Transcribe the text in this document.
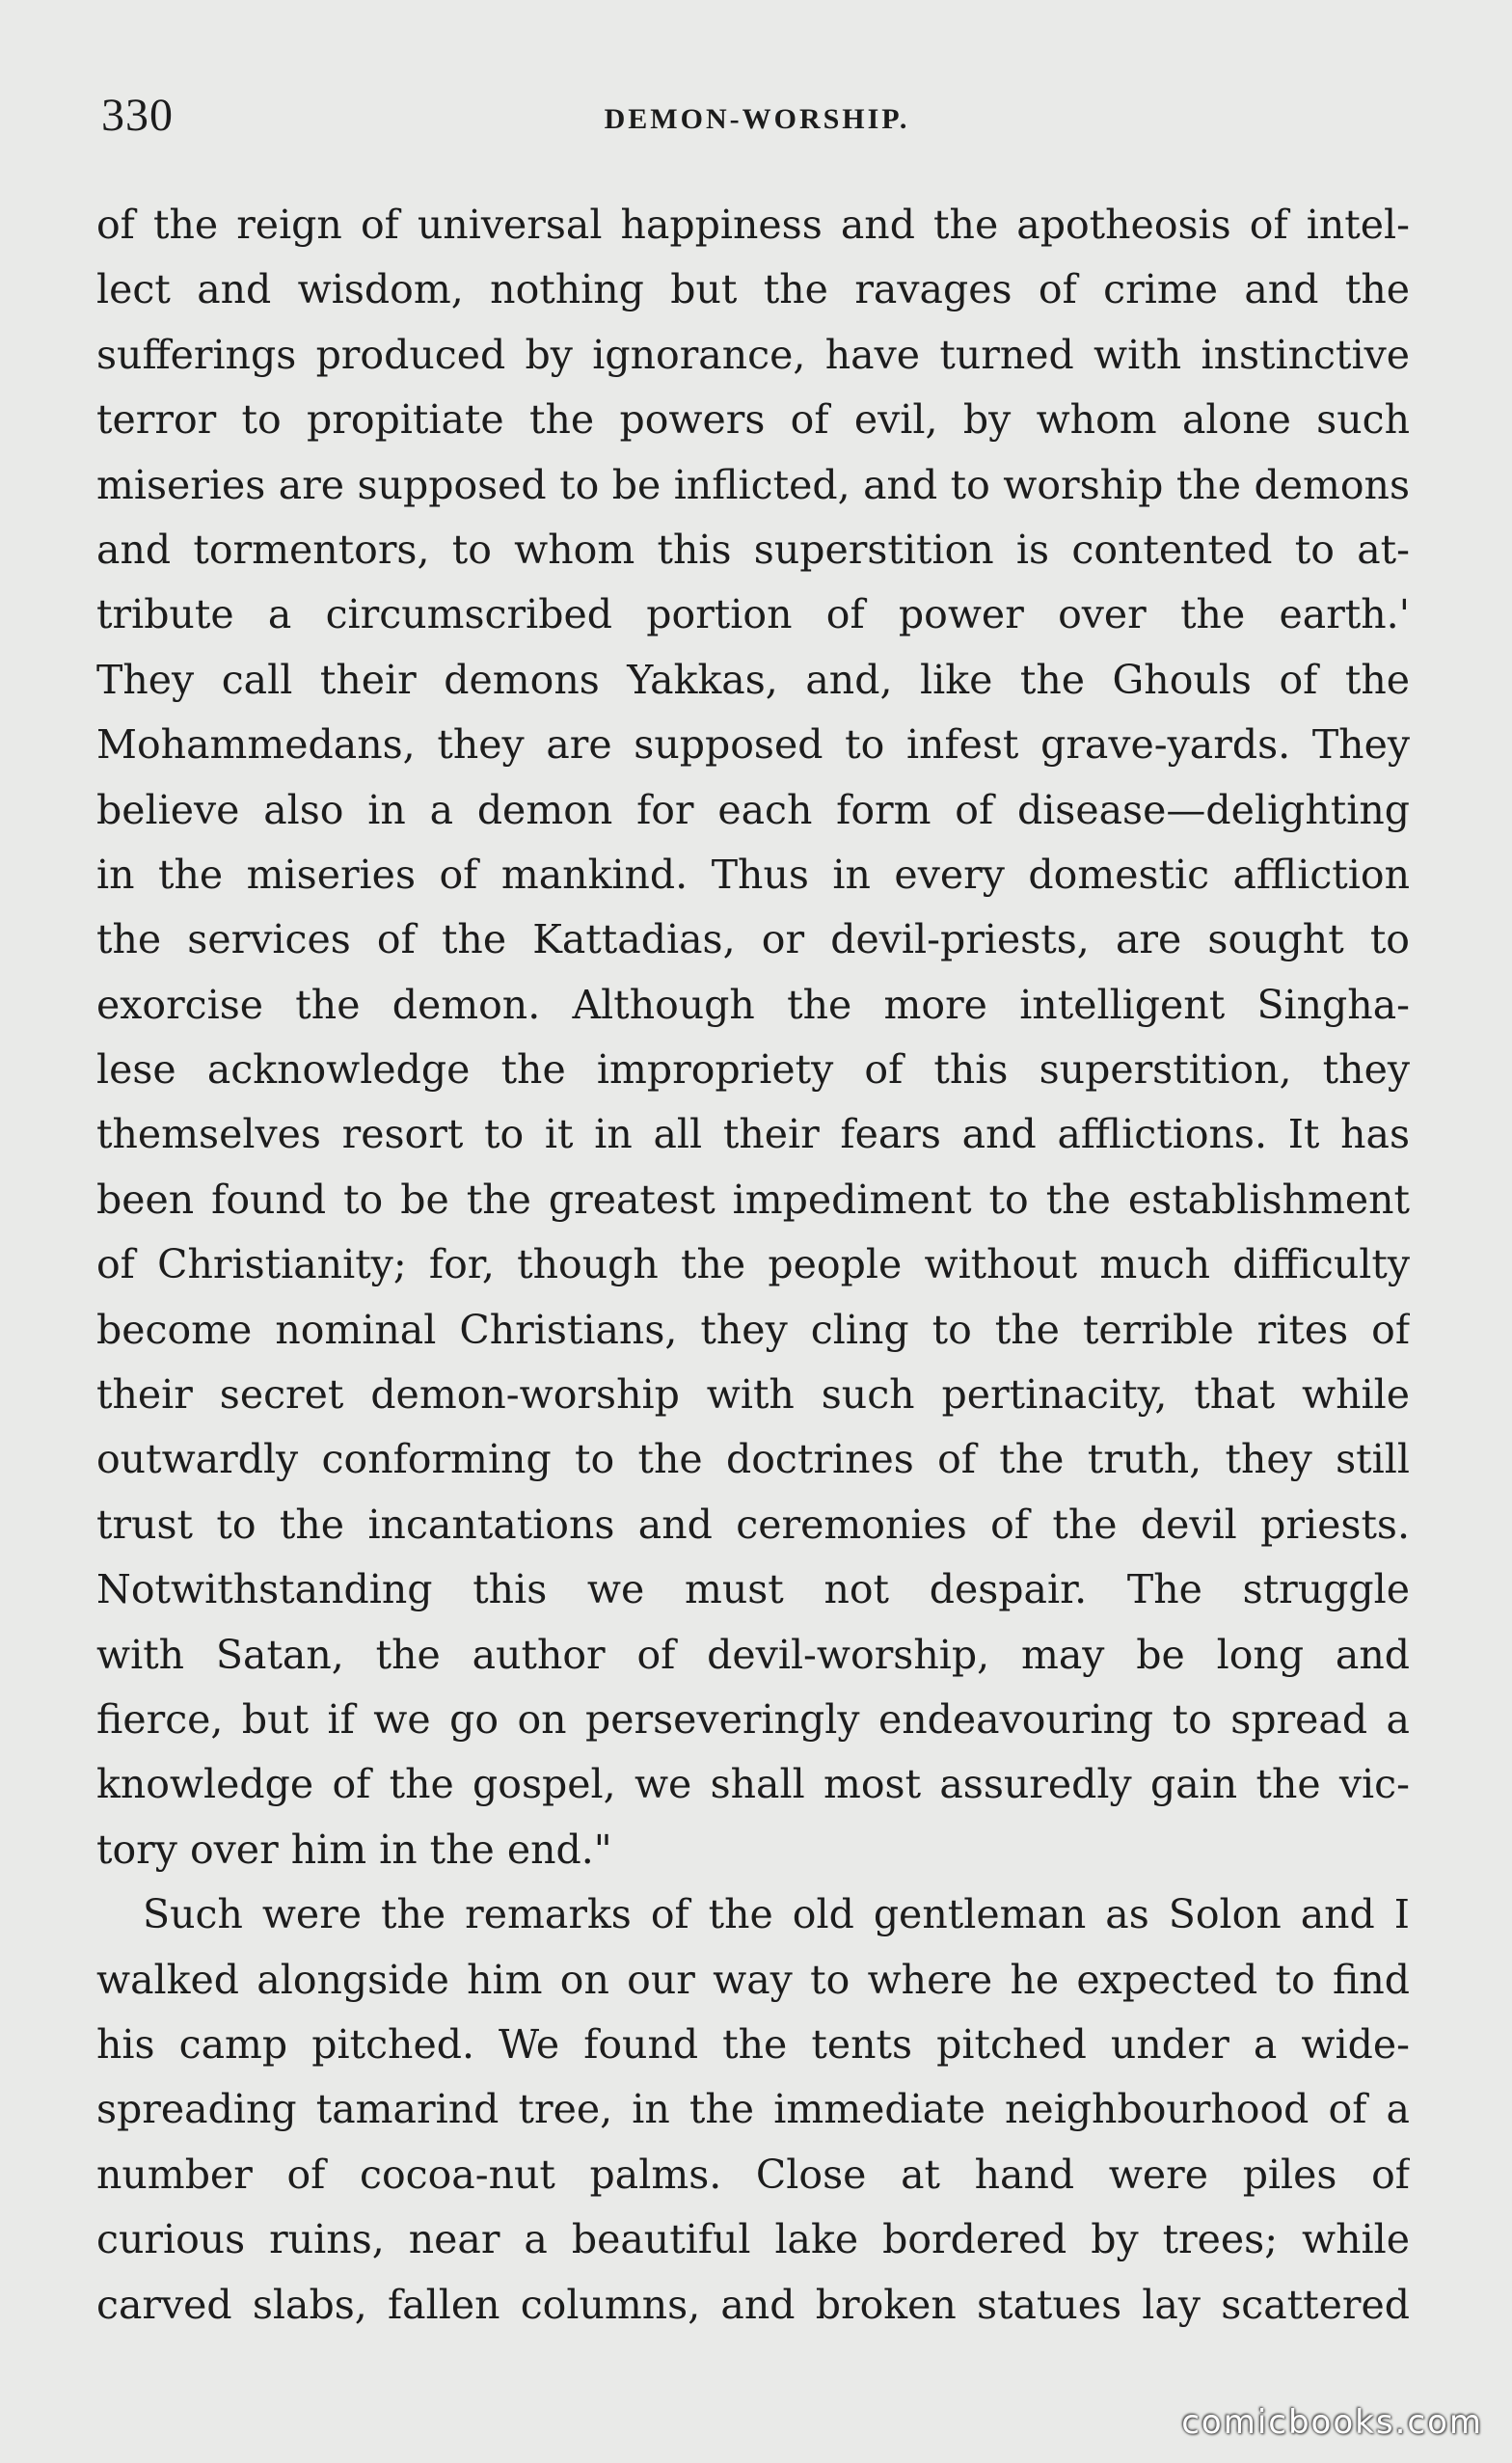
330	DEMON-WORSHIP.
of the reign of universal happiness and the apotheosis of intel-
lect and wisdom, nothing but the ravages of crime and the
sufferings produced by ignorance, have turned with instinctive
terror to propitiate the powers of evil, by whom alone such
miseries are supposed to be inflicted, and to worship the demons
and tormentors, to whom this superstition is contented to at-
tribute a circumscribed portion of power over the earth.'
They call their demons Yakkas, and, like the Ghouls of the
Mohammedans, they are supposed to infest grave-yards. They
believe also in a demon for each form of disease—delighting
in the miseries of mankind. Thus in every domestic affliction
the services of the Kattadias, or devil-priests, are sought to
exorcise the demon. Although the more intelligent Singha-
lese acknowledge the impropriety of this superstition, they
themselves resort to it in all their fears and afflictions. It has
been found to be the greatest impediment to the establishment
of Christianity; for, though the people without much difficulty
become nominal Christians, they cling to the terrible rites of
their secret demon-worship with such pertinacity, that while
outwardly conforming to the doctrines of the truth, they still
trust to the incantations and ceremonies of the devil priests.
Notwithstanding this we must not despair. The struggle
with Satan, the author of devil-worship, may be long and
fierce, but if we go on perseveringly endeavouring to spread a
knowledge of the gospel, we shall most assuredly gain the vic-
tory over him in the end."
Such were the remarks of the old gentleman as Solon and I
walked alongside him on our way to where he expected to find
his camp pitched. We found the tents pitched under a wide-
spreading tamarind tree, in the immediate neighbourhood of a
number of cocoa-nut palms. Close at hand were piles of
curious ruins, near a beautiful lake bordered by trees; while
carved slabs, fallen columns, and broken statues lay scattered
comicbooks.com
